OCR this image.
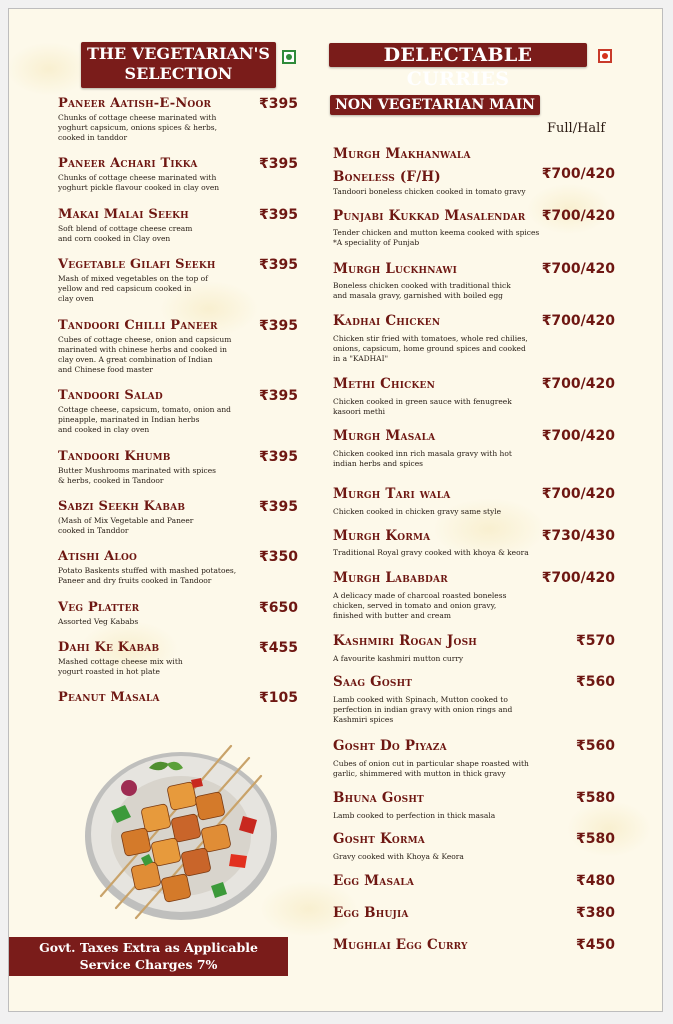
THE VEGETARIAN'S
SELECTION
DELECTABLE CURRIES
NON VEGETARIAN MAIN
Full/Half
Paneer Aatish-E-Noor	₹395
Chunks of cottage cheese marinated with
yoghurt capsicum, onions spices & herbs,
cooked in tanddor
Paneer Achari Tikka	₹395
Chunks of cottage cheese marinated with
yoghurt pickle flavour cooked in clay oven
Makai Malai Seekh	₹395
Soft blend of cottage cheese cream
and corn cooked in Clay oven
Vegetable Gilafi Seekh	₹395
Mash of mixed vegetables on the top of
yellow and red capsicum cooked in
clay oven
Tandoori Chilli Paneer	₹395
Cubes of cottage cheese, onion and capsicum
marinated with chinese herbs and cooked in
clay oven. A great combination of Indian
and Chinese food master
Tandoori Salad	₹395
Cottage cheese, capsicum, tomato, onion and
pineapple, marinated in Indian herbs
and cooked in clay oven
Tandoori Khumb	₹395
Butter Mushrooms marinated with spices
& herbs, cooked in Tandoor
Sabzi Seekh Kabab	₹395
(Mash of Mix Vegetable and Paneer
cooked in Tanddor
Atishi Aloo	₹350
Potato Baskents stuffed with mashed potatoes,
Paneer and dry fruits cooked in Tandoor
Veg Platter	₹650
Assorted Veg Kababs
Dahi Ke Kabab	₹455
Mashed cottage cheese mix with
yogurt roasted in hot plate
Peanut Masala	₹105
Murgh Makhanwala
Boneless (F/H)	₹700/420
Tandoori boneless chicken cooked in tomato gravy
Punjabi Kukkad Masalendar ₹700/420
Tender chicken and mutton keema cooked with spices
*A speciality of Punjab
Murgh Luckhnawi	₹700/420
Boneless chicken cooked with traditional thick
and masala gravy, garnished with boiled egg
Kadhai Chicken	₹700/420
Chicken stir fried with tomatoes, whole red chilies,
onions, capsicum, home ground spices and cooked
in a "KADHAI"
Methi Chicken	₹700/420
Chicken cooked in green sauce with fenugreek
kasoori methi
Murgh Masala	₹700/420
Chicken cooked inn rich masala gravy with hot
indian herbs and spices
Murgh Tari wala	₹700/420
Chicken cooked in chicken gravy same style
Murgh Korma	₹730/430
Traditional Royal gravy cooked with khoya & keora
Murgh Lababdar	₹700/420
A delicacy made of charcoal roasted boneless
chicken, served in tomato and onion gravy,
finished with butter and cream
Kashmiri Rogan Josh	₹570
A favourite kashmiri mutton curry
Saag Gosht	₹560
Lamb cooked with Spinach, Mutton cooked to
perfection in indian gravy with onion rings and
Kashmiri spices
Gosht Do Piyaza	₹560
Cubes of onion cut in particular shape roasted with
garlic, shimmered with mutton in thick gravy
Bhuna Gosht	₹580
Lamb cooked to perfection in thick masala
Gosht Korma	₹580
Gravy cooked with Khoya & Keora
Egg Masala	₹480
Egg Bhujia	₹380
Mughlai Egg Curry	₹450
Govt. Taxes Extra as Applicable
Service Charges 7%
